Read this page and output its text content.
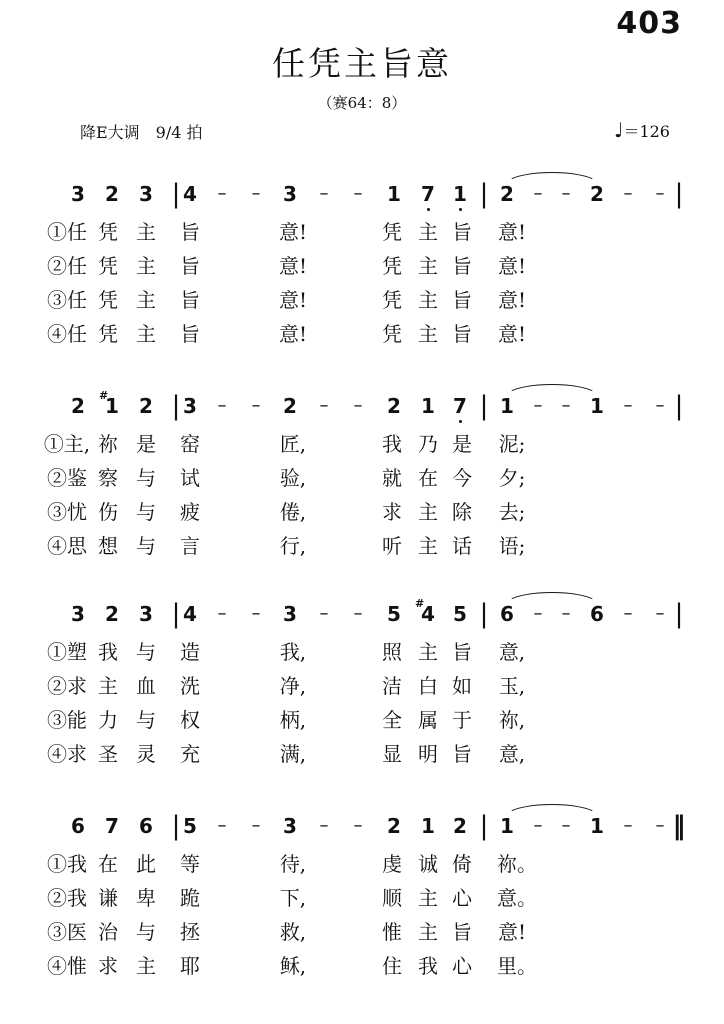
403
任凭主旨意
（赛64：8）
降E大调　9/4 拍	♩＝126
3	2	3 | 4	–	–	3	–	–	1	7 1 | 2	–	– 2	–	– |
①任 凭 主 旨	意!	凭 主 旨 意!
②任 凭 主 旨	意!	凭 主 旨 意!
③任 凭 主 旨	意!	凭 主 旨 意!
④任 凭 主 旨	意!	凭 主 旨 意!
2	1
#	2 | 3	–	–	2	–	–	2	1 7 | 1	–	– 1	–	– |
①主, 祢 是 窑	匠,	我 乃 是 泥;
②鉴 察 与 试	验,	就 在 今 夕;
③忧 伤 与 疲	倦,	求 主 除 去;
④思 想 与 言	行,	听 主 话 语;
3	2	3 | 4	–	–	3	–	–	5	4
#	5 | 6	–	– 6	–	– |
①塑 我 与 造	我,	照 主 旨 意,
②求 主 血 洗	净,	洁 白 如 玉,
③能 力 与 权	柄,	全 属 于 祢,
④求 圣 灵 充	满,	显 明 旨 意,
6	7	6 | 5	–	–	3	–	–	2	1 2 | 1	–	– 1	–	– ‖
①我 在 此 等	待,	虔 诚 倚 祢。
②我 谦 卑 跪	下,	顺 主 心 意。
③医 治 与 拯	救,	惟 主 旨 意!
④惟 求 主 耶	稣,	住 我 心 里。
